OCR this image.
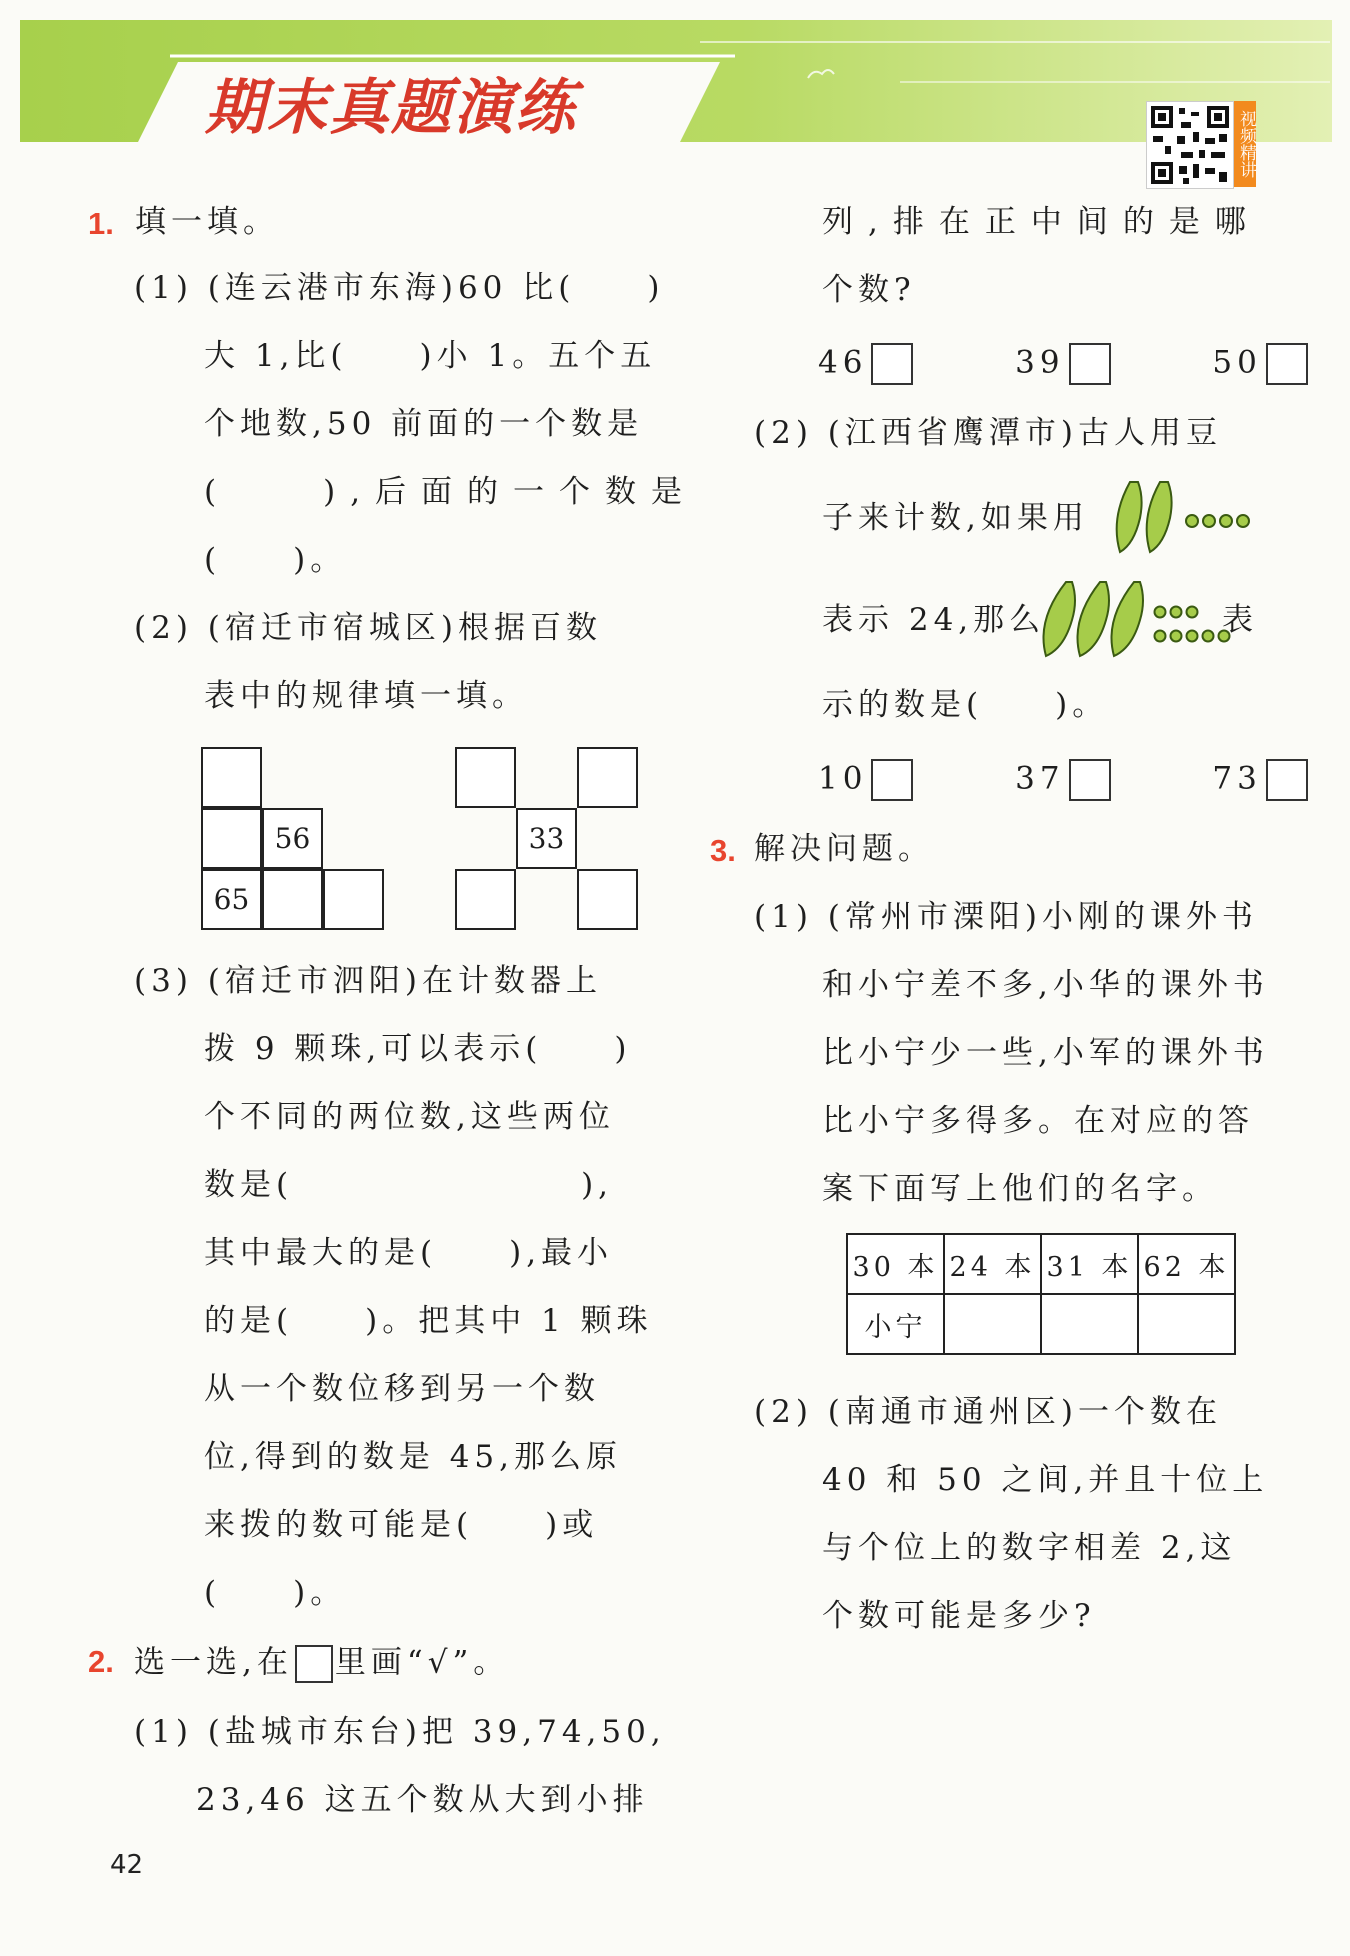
期末真题演练
视频精讲
1. 填一填。
(1) (连云港市东海)60 比(　　)
大 1,比(　　)小 1。五个五
个地数,50 前面的一个数是
(　　),后面的一个数是
(　　)。
(2) (宿迁市宿城区)根据百数
表中的规律填一填。
56
65
33
(3) (宿迁市泗阳)在计数器上
拨 9 颗珠,可以表示(　　)
个不同的两位数,这些两位
数是(　　　　　　　　),
其中最大的是(　　),最小
的是(　　)。把其中 1 颗珠
从一个数位移到另一个数
位,得到的数是 45,那么原
来拨的数可能是(　　)或
(　　)。
2. 选一选,在 里画“√”。
(1) (盐城市东台)把 39,74,50,
23,46 这五个数从大到小排
42
列,排在正中间的是哪
个数?
46	39	50
(2) (江西省鹰潭市)古人用豆
子来计数,如果用
表示 24,那么	表
示的数是(　　)。
10	37	73
3. 解决问题。
(1) (常州市溧阳)小刚的课外书
和小宁差不多,小华的课外书
比小宁少一些,小军的课外书
比小宁多得多。在对应的答
案下面写上他们的名字。
30 本	24 本	31 本	62 本
小宁			
(2) (南通市通州区)一个数在
40 和 50 之间,并且十位上
与个位上的数字相差 2,这
个数可能是多少?
